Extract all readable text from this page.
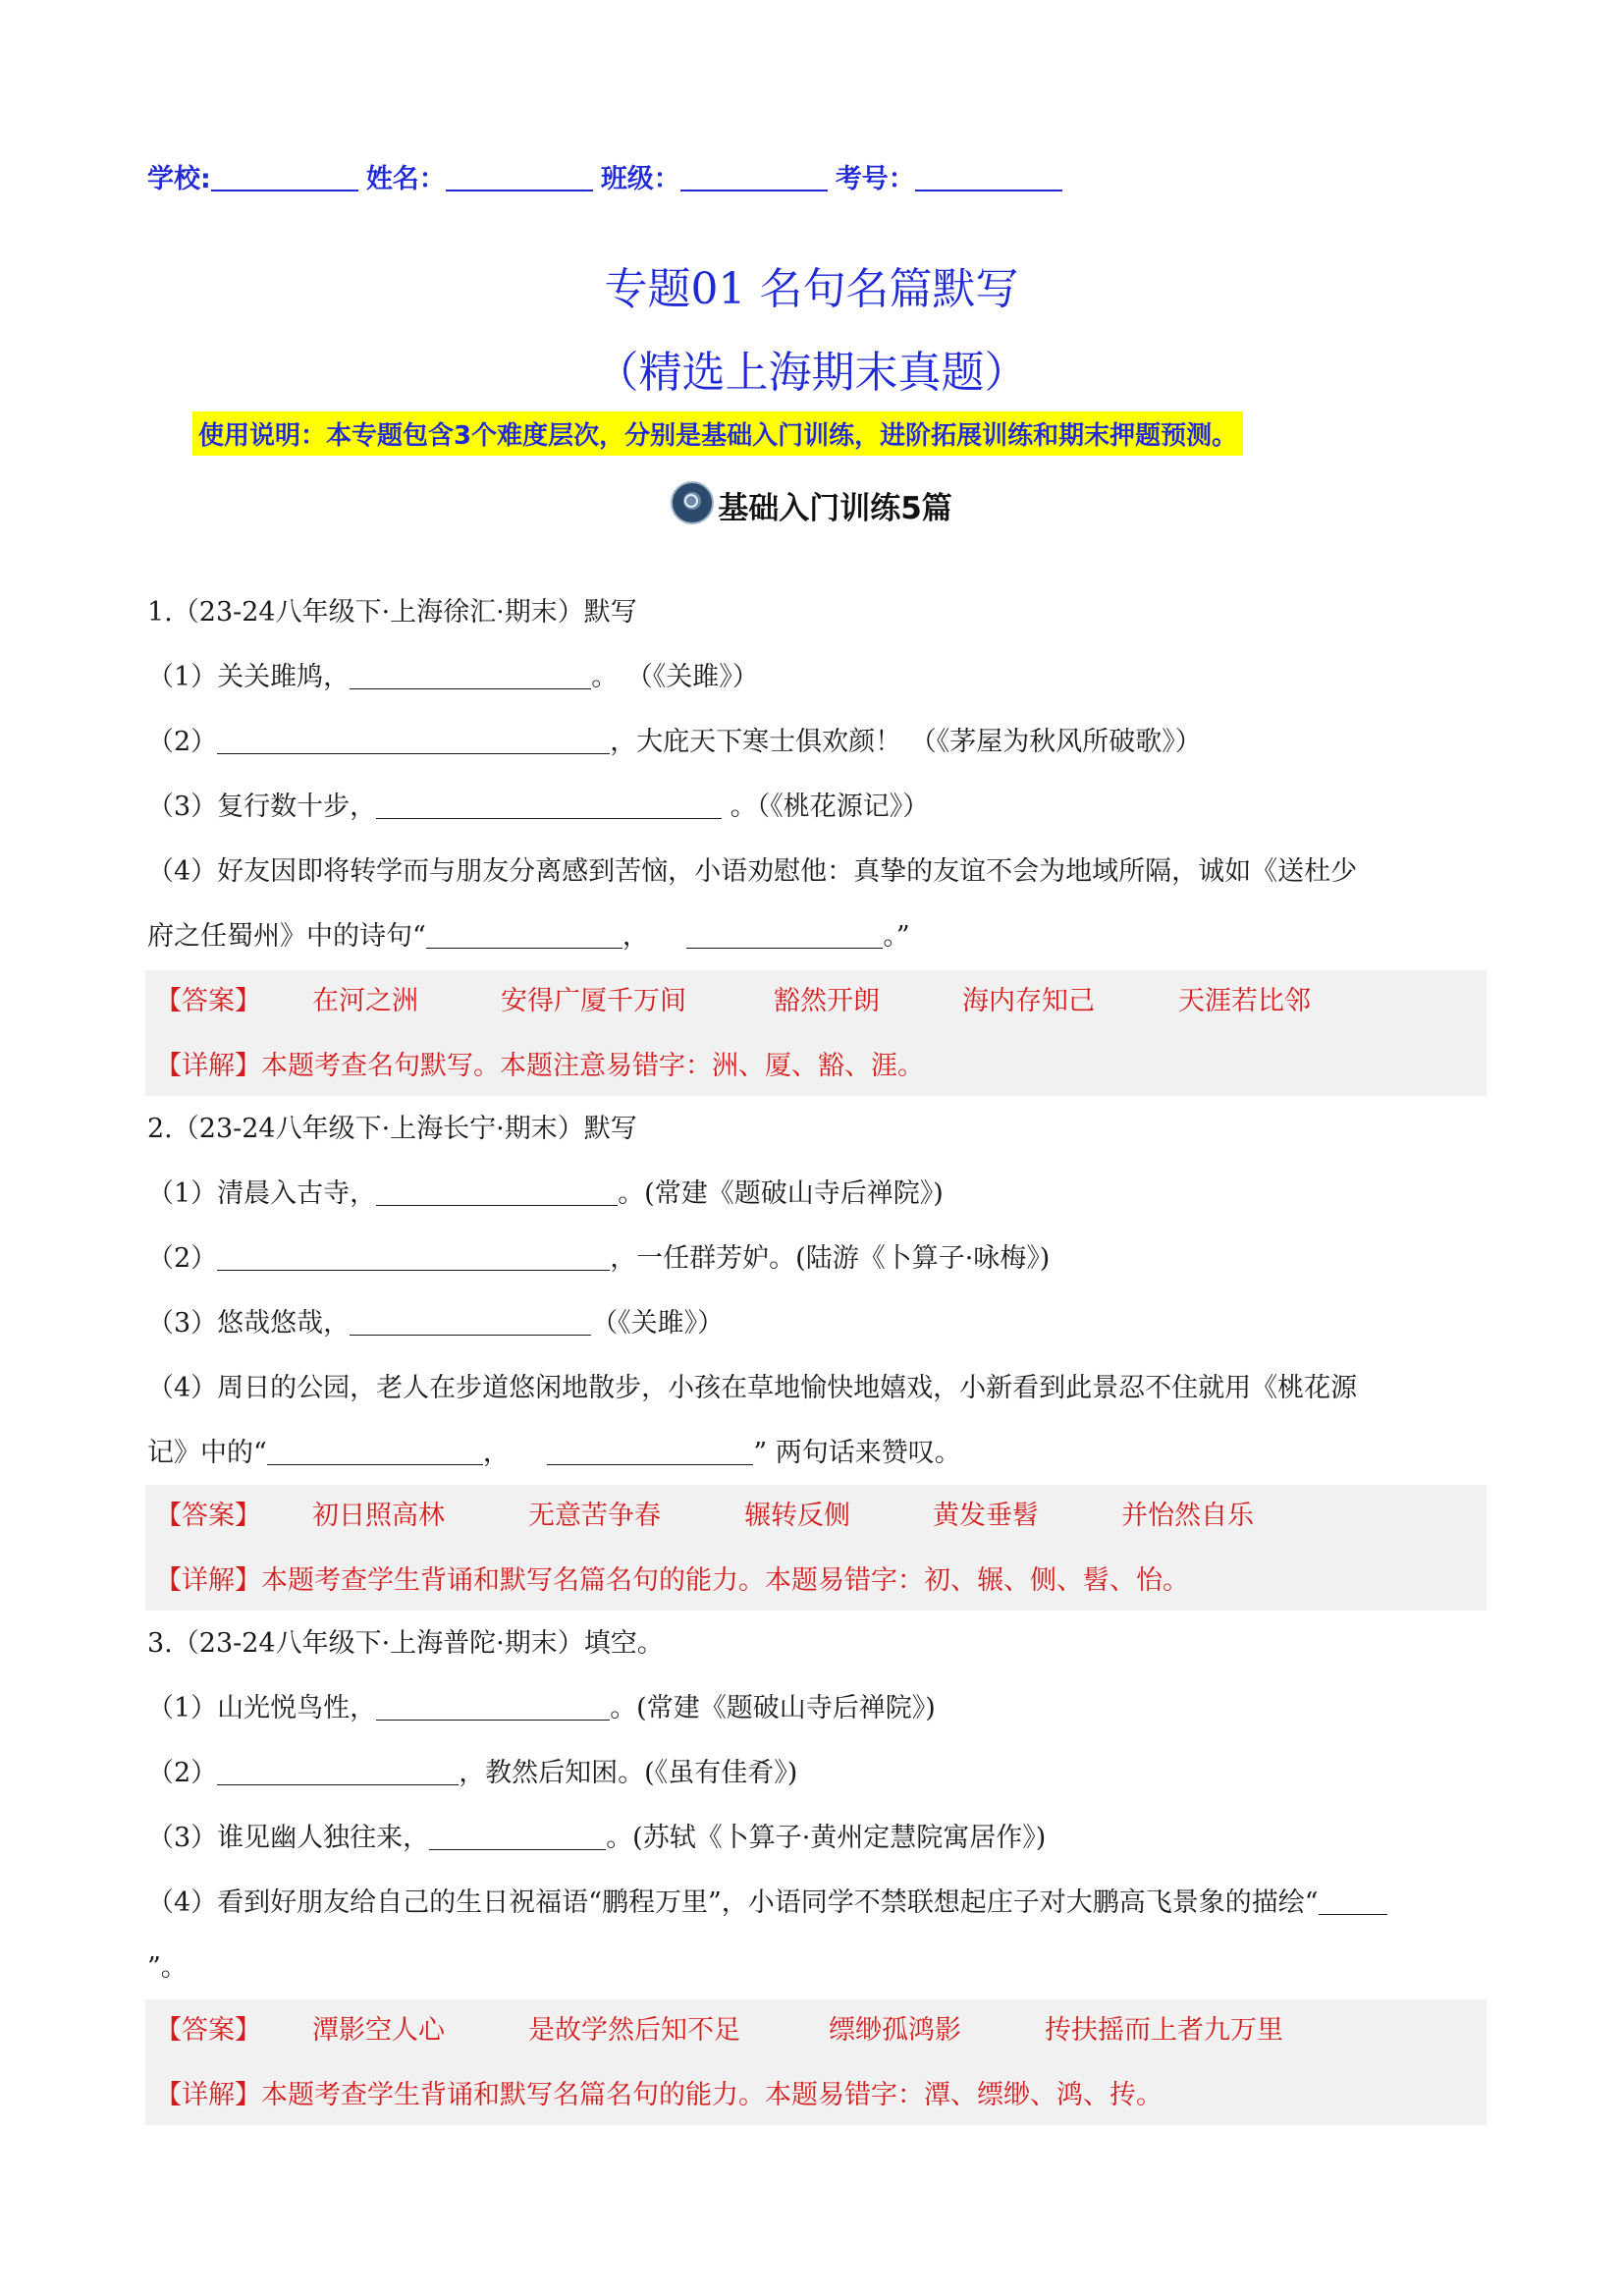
学校:	姓名：	班级：	考号：
专题01 名句名篇默写
（精选上海期末真题）
使用说明：本专题包含3个难度层次，分别是基础入门训练，进阶拓展训练和期末押题预测。
基础入门训练5篇
1.（23-24八年级下·上海徐汇·期末）默写
（1）关关雎鸠，	。 （《关雎》）
（2）	，大庇天下寒士俱欢颜！ （《茅屋为秋风所破歌》）
（3）复行数十步，	。（《桃花源记》）
（4）好友因即将转学而与朋友分离感到苦恼，小语劝慰他：真挚的友谊不会为地域所隔，诚如《送杜少
府之任蜀州》中的诗句“	，	。”
【答案】 在河之洲	安得广厦千万间	豁然开朗	海内存知己	天涯若比邻
【详解】本题考查名句默写。本题注意易错字：洲、厦、豁、涯。
2.（23-24八年级下·上海长宁·期末）默写
（1）清晨入古寺，	。(常建《题破山寺后禅院》)
（2）	，一任群芳妒。(陆游《卜算子·咏梅》)
（3）悠哉悠哉，	（《关雎》）
（4）周日的公园，老人在步道悠闲地散步，小孩在草地愉快地嬉戏，小新看到此景忍不住就用《桃花源
记》中的“	，	” 两句话来赞叹。
【答案】 初日照高林	无意苦争春	辗转反侧	黄发垂髫	并怡然自乐
【详解】本题考查学生背诵和默写名篇名句的能力。本题易错字：初、辗、侧、髫、怡。
3.（23-24八年级下·上海普陀·期末）填空。
（1）山光悦鸟性，	。(常建《题破山寺后禅院》)
（2）	，教然后知困。(《虽有佳肴》)
（3）谁见幽人独往来，	。(苏轼《卜算子·黄州定慧院寓居作》)
（4）看到好朋友给自己的生日祝福语“鹏程万里”，小语同学不禁联想起庄子对大鹏高飞景象的描绘“
”。
【答案】 潭影空人心	是故学然后知不足	缥缈孤鸿影	抟扶摇而上者九万里
【详解】本题考查学生背诵和默写名篇名句的能力。本题易错字：潭、缥缈、鸿、抟。
